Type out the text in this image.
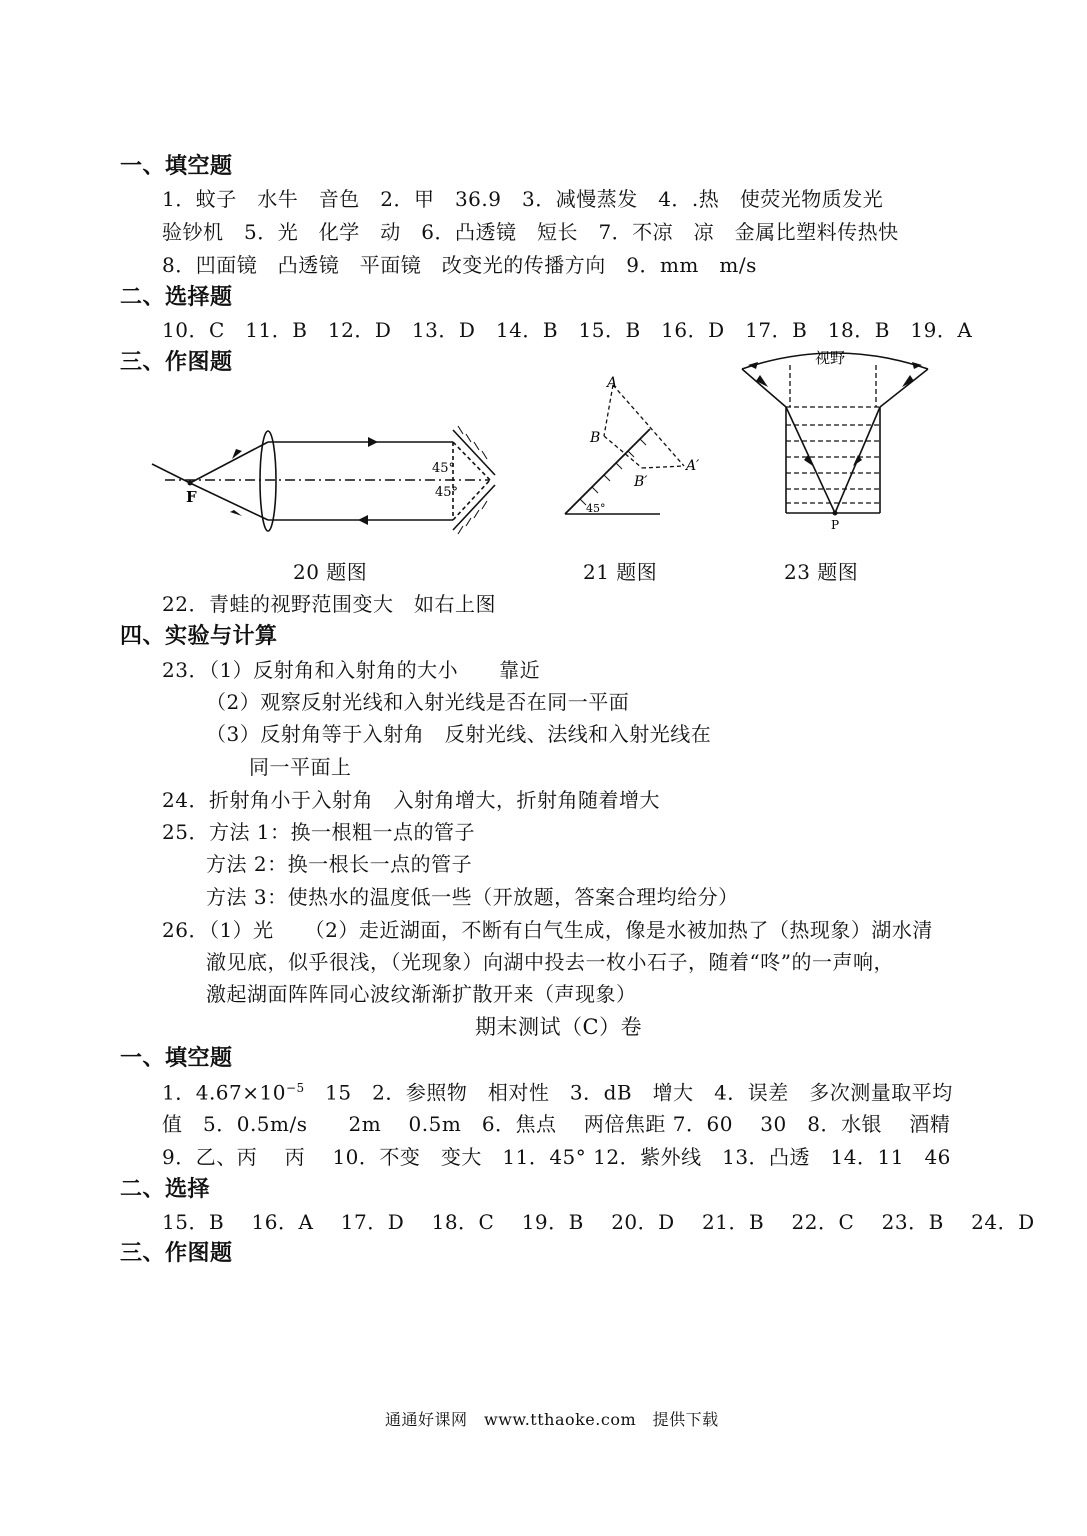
一、填空题
1．蚊子　水牛　音色　2．甲　36.9　3．减慢蒸发　4．.热　使荧光物质发光
验钞机　5．光　化学　动　6．凸透镜　短长　7．不凉　凉　金属比塑料传热快
8．凹面镜　凸透镜　平面镜　改变光的传播方向　9．mm　m/s
二、选择题
10．C　11．B　12．D　13．D　14．B　15．B　16．D　17．B　18．B　19．A
三、作图题
F
45°
45°
20 题图
A
B
A′
B′
45°
21 题图
视野
P
23 题图
22．青蛙的视野范围变大　如右上图
四、实验与计算
23．（1）反射角和入射角的大小　　靠近
（2）观察反射光线和入射光线是否在同一平面
（3）反射角等于入射角　反射光线、法线和入射光线在
同一平面上
24．折射角小于入射角　入射角增大，折射角随着增大
25．方法 1：换一根粗一点的管子
方法 2：换一根长一点的管子
方法 3：使热水的温度低一些（开放题，答案合理均给分）
26．（1）光　　（2）走近湖面，不断有白气生成，像是水被加热了（热现象）湖水清
澈见底，似乎很浅，（光现象）向湖中投去一枚小石子，随着“咚”的一声响，
激起湖面阵阵同心波纹渐渐扩散开来（声现象）
期末测试（C）卷
一、填空题
1．$4.67\times 10^{-5}$　15　2．参照物　相对性　3．dB　增大　4．误差　多次测量取平均
值　5．0.5m/s　　2m　 0.5m　6．焦点　 两倍焦距 7．60　 30　8．水银　 酒精
9．乙、丙　 丙　 10．不变　变大　11．45° 12．紫外线　13．凸透　14．11　46
二、选择
15．B　 16．A　 17．D　 18．C　 19．B　 20．D　 21．B　 22．C　 23．B　 24．D
三、作图题
通通好课网　www.tthaoke.com　提供下载
